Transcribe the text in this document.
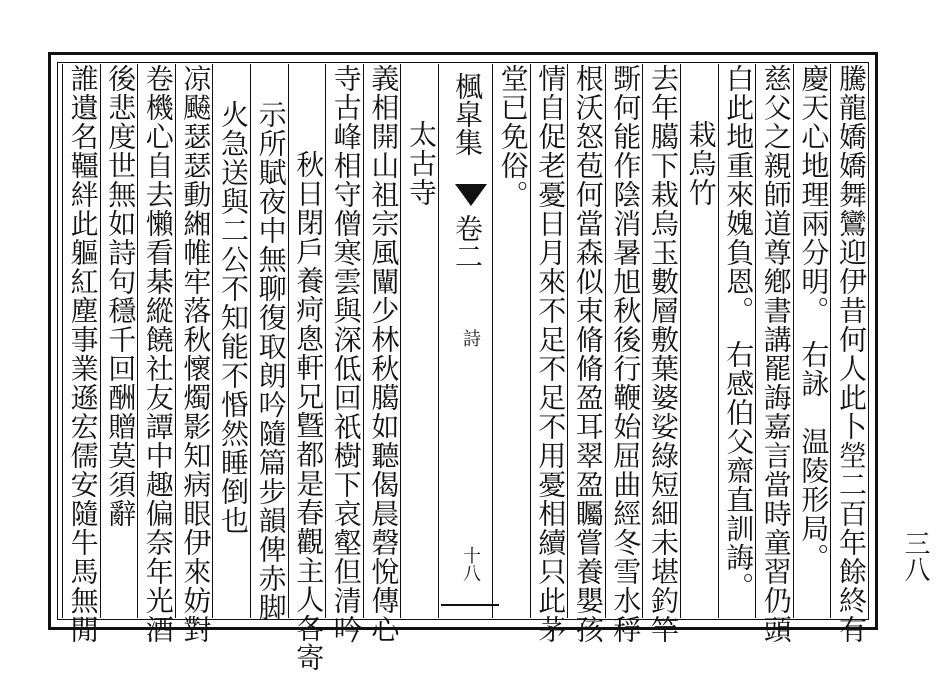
三八
騰龍嬌嬌舞鸞迎伊昔何人此卜塋二百年餘終有
慶天心地理兩分明。　右詠　温陵形局。
慈父之親師道尊鄕書講罷誨嘉言當時童習仍頭
白此地重來媿負恩。　右感伯父齋直訓誨。
栽烏竹
去年臈下栽烏玉數層敷葉婆娑綠短細未堪釣竿
斲何能作陰消暑旭秋後行鞭始屈曲經冬雪水稃
根沃怒苞何當森似束脩脩盈耳翠盈矚嘗養嬰孩
情自促老憂日月來不足不足不用憂相續只此茅
楓皐集
卷二
詩
十八
太古寺
義相開山祖宗風闡少林秋臈如聽偈晨磬悅傳心
寺古峰相守僧寒雲與深低回祇樹下哀壑但清吟
秋日閉戶養疴悤軒兄曁都是春觀主人各寄
示所賦夜中無聊復取朗吟隨篇步韻俾赤脚
火急送與二公不知能不惛然睡倒也
凉飇瑟瑟動緗帷牢落秋懷燭影知病眼伊來妨對
卷機心自去懶看棊縱饒社友譚中趣偏奈年光酒	堂已免俗。
後悲度世無如詩句穩千回酬贈莫須辭
誰遺名韁絆此軀紅塵事業遜宏儒安隨牛馬無閒
